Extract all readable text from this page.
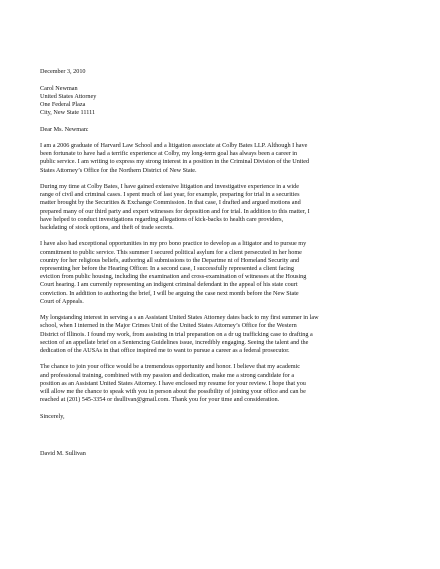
December 3, 2010
Carol Newman
United States Attorney
One Federal Plaza
City, New State 11111
Dear Ms. Newman:
I am a 2006 graduate of Harvard Law School and a litigation associate at Colby Bates LLP. Although I have
been fortunate to have had a terrific experience at Colby, my long-term goal has always been a career in
public service. I am writing to express my strong interest in a position in the Criminal Division of the United
States Attorney’s Office for the Northern District of New State.
During my time at Colby Bates, I have gained extensive litigation and investigative experience in a wide
range of civil and criminal cases. I spent much of last year, for example, preparing for trial in a securities
matter brought by the Securities & Exchange Commission. In that case, I drafted and argued motions and
prepared many of our third party and expert witnesses for deposition and for trial. In addition to this matter, I
have helped to conduct investigations regarding allegations of kick-backs to health care providers,
backdating of stock options, and theft of trade secrets.
I have also had exceptional opportunities in my pro bono practice to develop as a litigator and to pursue my
commitment to public service. This summer I secured political asylum for a client persecuted in her home
country for her religious beliefs, authoring all submissions to the Departme nt of Homeland Security and
representing her before the Hearing Officer. In a second case, I successfully represented a client facing
eviction from public housing, including the examination and cross-examination of witnesses at the Housing
Court hearing. I am currently representing an indigent criminal defendant in the appeal of his state court
conviction. In addition to authoring the brief, I will be arguing the case next month before the New State
Court of Appeals.
My longstanding interest in serving a s an Assistant United States Attorney dates back to my first summer in law
school, when I interned in the Major Crimes Unit of the United States Attorney’s Office for the Western
District of Illinois. I found my work, from assisting in trial preparation on a dr ug trafficking case to drafting a
section of an appellate brief on a Sentencing Guidelines issue, incredibly engaging. Seeing the talent and the
dedication of the AUSAs in that office inspired me to want to pursue a career as a federal prosecutor.
The chance to join your office would be a tremendous opportunity and honor. I believe that my academic
and professional training, combined with my passion and dedication, make me a strong candidate for a
position as an Assistant United States Attorney. I have enclosed my resume for your review. I hope that you
will allow me the chance to speak with you in person about the possibility of joining your office and can be
reached at (201) 545-3354 or dsullivan@gmail.com. Thank you for your time and consideration.
Sincerely,
David M. Sullivan
